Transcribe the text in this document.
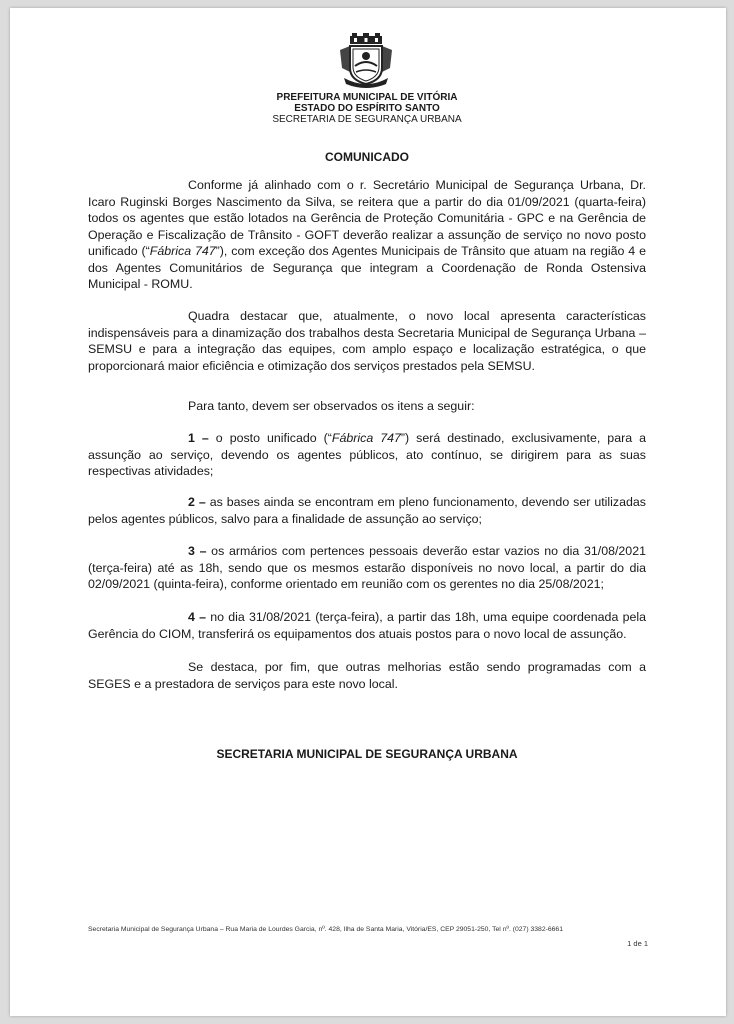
PREFEITURA MUNICIPAL DE VITÓRIA
ESTADO DO ESPÍRITO SANTO
SECRETARIA DE SEGURANÇA URBANA
COMUNICADO

Conforme já alinhado com o r. Secretário Municipal de Segurança Urbana, Dr. Icaro Ruginski Borges Nascimento da Silva, se reitera que a partir do dia 01/09/2021 (quarta-feira) todos os agentes que estão lotados na Gerência de Proteção Comunitária - GPC e na Gerência de Operação e Fiscalização de Trânsito - GOFT deverão realizar a assunção de serviço no novo posto unificado (“Fábrica 747”), com exceção dos Agentes Municipais de Trânsito que atuam na região 4 e dos Agentes Comunitários de Segurança que integram a Coordenação de Ronda Ostensiva Municipal - ROMU.

Quadra destacar que, atualmente, o novo local apresenta características indispensáveis para a dinamização dos trabalhos desta Secretaria Municipal de Segurança Urbana – SEMSU e para a integração das equipes, com amplo espaço e localização estratégica, o que proporcionará maior eficiência e otimização dos serviços prestados pela SEMSU.

Para tanto, devem ser observados os itens a seguir:

1 – o posto unificado (“Fábrica 747”) será destinado, exclusivamente, para a assunção ao serviço, devendo os agentes públicos, ato contínuo, se dirigirem para as suas respectivas atividades;

2 – as bases ainda se encontram em pleno funcionamento, devendo ser utilizadas pelos agentes públicos, salvo para a finalidade de assunção ao serviço;

3 – os armários com pertences pessoais deverão estar vazios no dia 31/08/2021 (terça-feira) até as 18h, sendo que os mesmos estarão disponíveis no novo local, a partir do dia 02/09/2021 (quinta-feira), conforme orientado em reunião com os gerentes no dia 25/08/2021;

4 – no dia 31/08/2021 (terça-feira), a partir das 18h, uma equipe coordenada pela Gerência do CIOM, transferirá os equipamentos dos atuais postos para o novo local de assunção.

Se destaca, por fim, que outras melhorias estão sendo programadas com a SEGES e a prestadora de serviços para este novo local.

SECRETARIA MUNICIPAL DE SEGURANÇA URBANA
Secretaria Municipal de Segurança Urbana – Rua Maria de Lourdes Garcia, nº. 428, Ilha de Santa Maria, Vitória/ES, CEP 29051-250, Tel nº. (027) 3382-6661
1 de 1
